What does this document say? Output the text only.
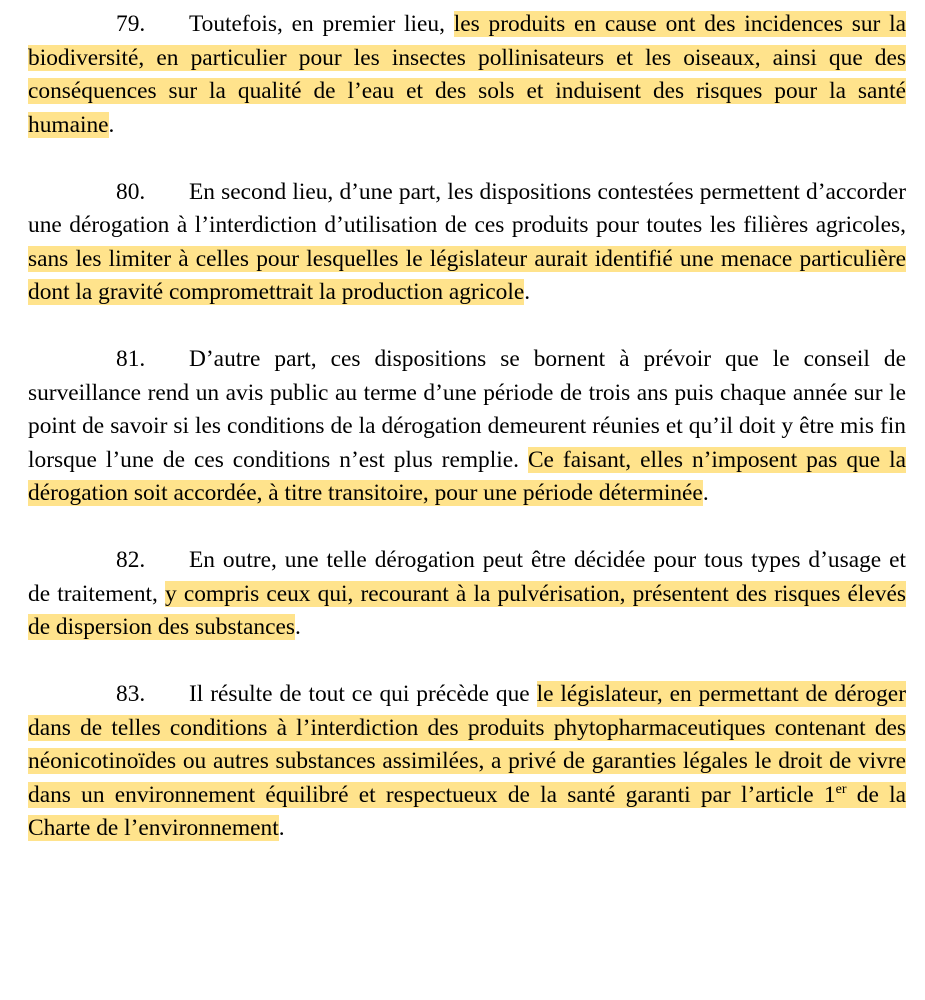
79. Toutefois, en premier lieu, les produits en cause ont des incidences sur la biodiversité, en particulier pour les insectes pollinisateurs et les oiseaux, ainsi que des conséquences sur la qualité de l’eau et des sols et induisent des risques pour la santé humaine.

80. En second lieu, d’une part, les dispositions contestées permettent d’accorder une dérogation à l’interdiction d’utilisation de ces produits pour toutes les filières agricoles, sans les limiter à celles pour lesquelles le législateur aurait identifié une menace particulière dont la gravité compromettrait la production agricole.

81. D’autre part, ces dispositions se bornent à prévoir que le conseil de surveillance rend un avis public au terme d’une période de trois ans puis chaque année sur le point de savoir si les conditions de la dérogation demeurent réunies et qu’il doit y être mis fin lorsque l’une de ces conditions n’est plus remplie. Ce faisant, elles n’imposent pas que la dérogation soit accordée, à titre transitoire, pour une période déterminée.

82. En outre, une telle dérogation peut être décidée pour tous types d’usage et de traitement, y compris ceux qui, recourant à la pulvérisation, présentent des risques élevés de dispersion des substances.

83. Il résulte de tout ce qui précède que le législateur, en permettant de déroger dans de telles conditions à l’interdiction des produits phytopharmaceutiques contenant des néonicotinoïdes ou autres substances assimilées, a privé de garanties légales le droit de vivre dans un environnement équilibré et respectueux de la santé garanti par l’article 1er de la Charte de l’environnement.
